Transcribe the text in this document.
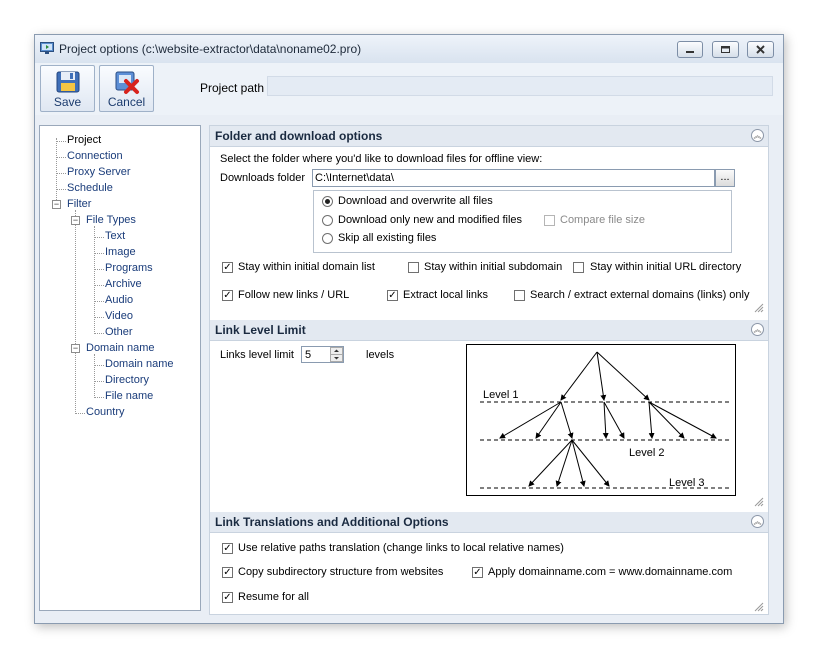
Project options (c:\website-extractor\data\noname02.pro)
Save	Cancel
Project path
Project
Connection
Proxy Server
Schedule
− Filter
− File Types
Text
Image
Programs
Archive
Audio
Video
Other
− Domain name
Domain name
Directory
File name
Country
Folder and download options	︽
Select the folder where you'd like to download files for offline view:
Downloads folder C:\Internet\data\	...
Download and overwrite all files
Download only new and modified files	Compare file size
Skip all existing files
✓ Stay within initial domain list	Stay within initial subdomain	Stay within initial URL directory
✓ Follow new links / URL	✓ Extract local links	Search / extract external domains (links) only
Link Level Limit	︽
Links level limit 5	levels
Level 1
Level 2
Level 3
Link Translations and Additional Options	︽
✓ Use relative paths translation (change links to local relative names)
✓ Copy subdirectory structure from websites	✓ Apply domainname.com = www.domainname.com
✓ Resume for all
